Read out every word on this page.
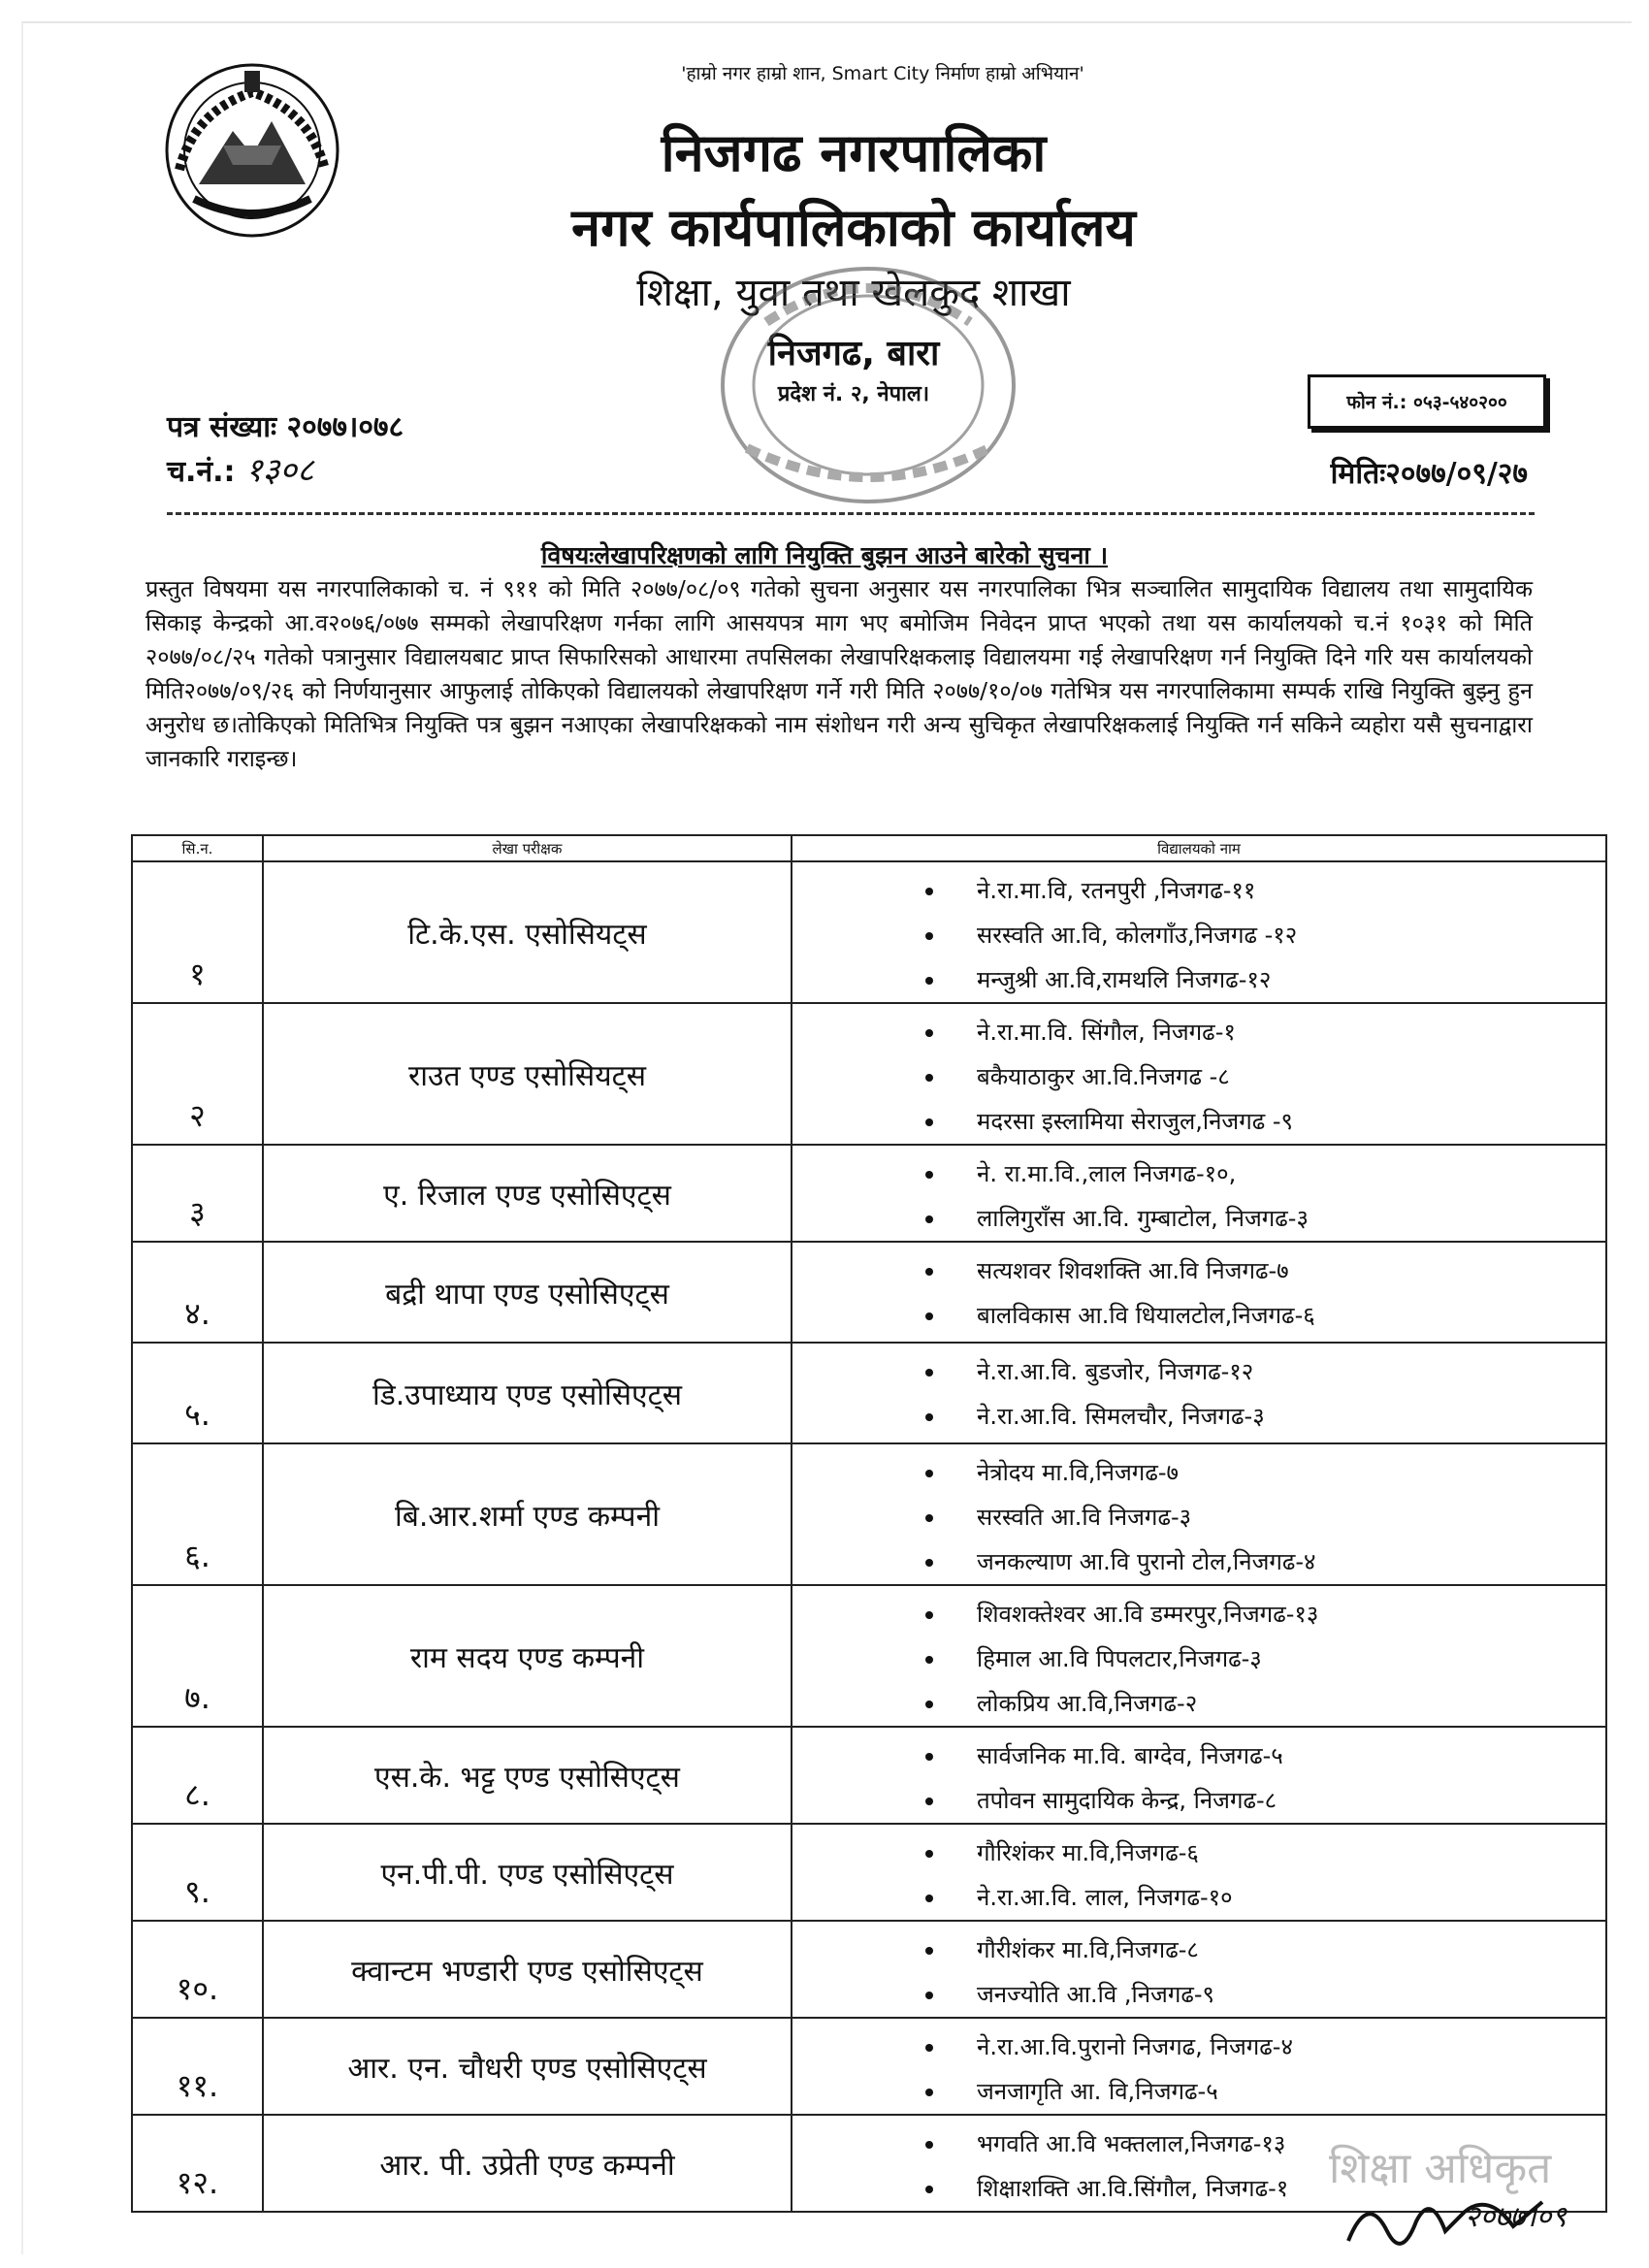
'हाम्रो नगर हाम्रो शान, Smart City निर्माण हाम्रो अभियान'
निजगढ नगरपालिका
नगर कार्यपालिकाको कार्यालय
शिक्षा, युवा तथा खेलकुद शाखा
निजगढ, बारा
प्रदेश नं. २, नेपाल।	फोन नं.: ०५३-५४०२००
पत्र संख्याः २०७७।०७८
च.नं.: १३०८	मितिः२०७७/०९/२७
विषयःलेखापरिक्षणको लागि नियुक्ति बुझन आउने बारेको सुचना ।
प्रस्तुत विषयमा यस नगरपालिकाको च. नं ९११ को मिति २०७७/०८/०९ गतेको सुचना अनुसार यस नगरपालिका भित्र सञ्चालित सामुदायिक विद्यालय तथा सामुदायिक सिकाइ केन्द्रको आ.व२०७६/०७७ सम्मको लेखापरिक्षण गर्नका लागि आसयपत्र माग भए बमोजिम निवेदन प्राप्त भएको तथा यस कार्यालयको च.नं १०३१ को मिति २०७७/०८/२५ गतेको पत्रानुसार विद्यालयबाट प्राप्त सिफारिसको आधारमा तपसिलका लेखापरिक्षकलाइ विद्यालयमा गई लेखापरिक्षण गर्न नियुक्ति दिने गरि यस कार्यालयको मिति२०७७/०९/२६ को निर्णयानुसार आफुलाई तोकिएको विद्यालयको लेखापरिक्षण गर्ने गरी मिति २०७७/१०/०७ गतेभित्र यस नगरपालिकामा सम्पर्क राखि नियुक्ति बुझ्नु हुन अनुरोध छ।तोकिएको मितिभित्र नियुक्ति पत्र बुझन नआएका लेखापरिक्षकको नाम संशोधन गरी अन्य सुचिकृत लेखापरिक्षकलाई नियुक्ति गर्न सकिने व्यहोरा यसै सुचनाद्वारा जानकारि गराइन्छ।
सि.न.	लेखा परीक्षक	विद्यालयको नाम
१	टि.के.एस. एसोसियट्स	ने.रा.मा.वि, रतनपुरी ,निजगढ-११
सरस्वति आ.वि, कोलगाँउ,निजगढ -१२
मन्जुश्री आ.वि,रामथलि निजगढ-१२

२	राउत एण्ड एसोसियट्स	ने.रा.मा.वि. सिंगौल, निजगढ-१
बकैयाठाकुर आ.वि.निजगढ -८
मदरसा इस्लामिया सेराजुल,निजगढ -९

३	ए. रिजाल एण्ड एसोसिएट्स	ने. रा.मा.वि.,लाल निजगढ-१०,
लालिगुराँस आ.वि. गुम्बाटोल, निजगढ-३

४.	बद्री थापा एण्ड एसोसिएट्स	सत्यशवर शिवशक्ति आ.वि निजगढ-७
बालविकास आ.वि धियालटोल,निजगढ-६

५.	डि.उपाध्याय एण्ड एसोसिएट्स	ने.रा.आ.वि. बुडजोर, निजगढ-१२
ने.रा.आ.वि. सिमलचौर, निजगढ-३

६.	बि.आर.शर्मा एण्ड कम्पनी	नेत्रोदय मा.वि,निजगढ-७
सरस्वति आ.वि निजगढ-३
जनकल्याण आ.वि पुरानो टोल,निजगढ-४

७.	राम सदय एण्ड कम्पनी	शिवशक्तेश्वर आ.वि डम्मरपुर,निजगढ-१३
हिमाल आ.वि पिपलटार,निजगढ-३
लोकप्रिय आ.वि,निजगढ-२

८.	एस.के. भट्ट एण्ड एसोसिएट्स	सार्वजनिक मा.वि. बाग्देव, निजगढ-५
तपोवन सामुदायिक केन्द्र, निजगढ-८

९.	एन.पी.पी. एण्ड एसोसिएट्स	गौरिशंकर मा.वि,निजगढ-६
ने.रा.आ.वि. लाल, निजगढ-१०

१०.	क्वान्टम भण्डारी एण्ड एसोसिएट्स	गौरीशंकर मा.वि,निजगढ-८
जनज्योति आ.वि ,निजगढ-९

११.	आर. एन. चौधरी एण्ड एसोसिएट्स	ने.रा.आ.वि.पुरानो निजगढ, निजगढ-४
जनजागृति आ. वि,निजगढ-५

१२.	आर. पी. उप्रेती एण्ड कम्पनी	भगवति आ.वि भक्तलाल,निजगढ-१३
शिक्षाशक्ति आ.वि.सिंगौल, निजगढ-१ शिक्षा अधिकृत
२०७७।०९
